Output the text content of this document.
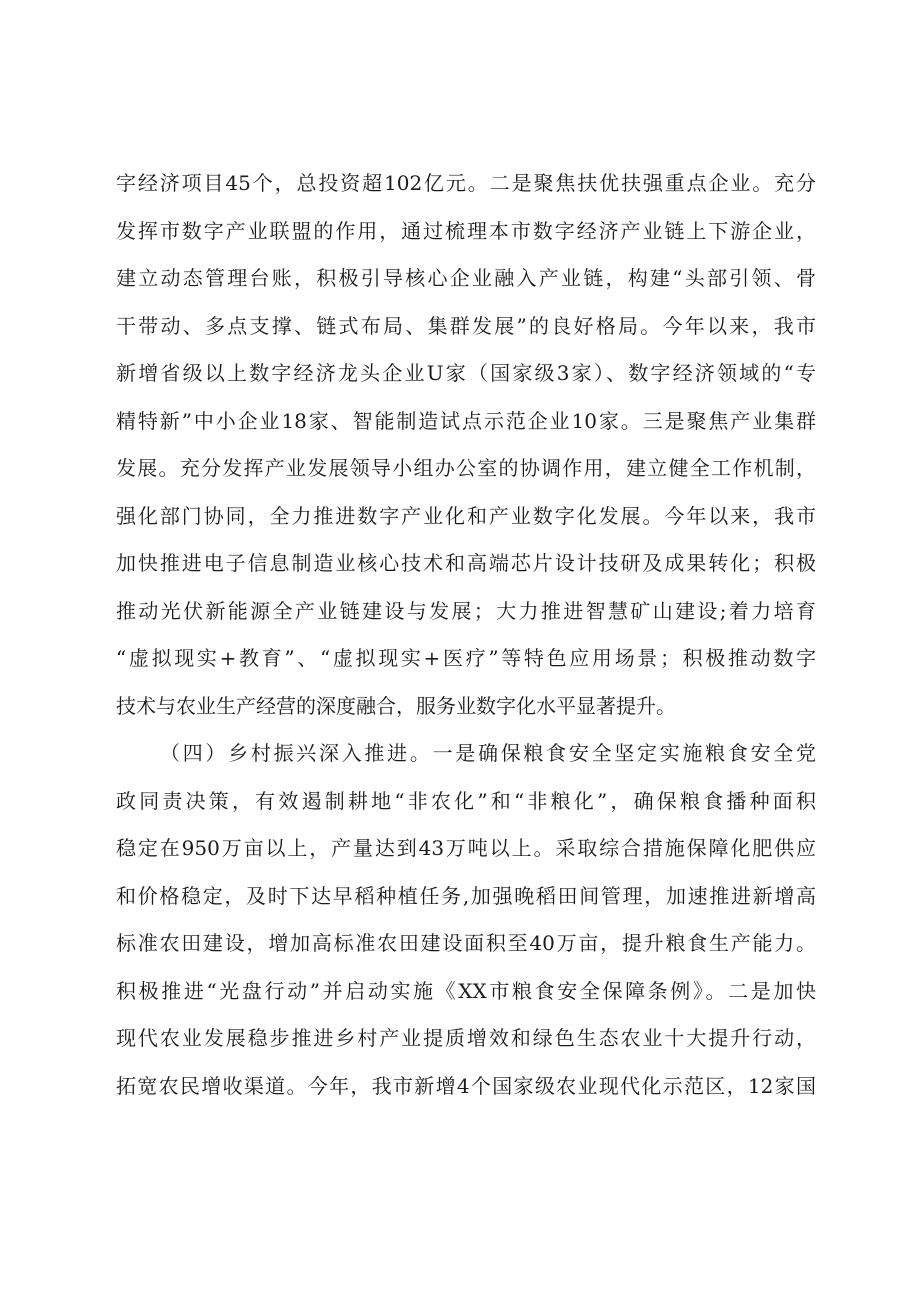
字经济项目45个，总投资超102亿元。二是聚焦扶优扶强重点企业。充分
发挥市数字产业联盟的作用，通过梳理本市数字经济产业链上下游企业，
建立动态管理台账，积极引导核心企业融入产业链，构建“头部引领、骨
干带动、多点支撑、链式布局、集群发展”的良好格局。今年以来，我市
新增省级以上数字经济龙头企业U家（国家级3家）、数字经济领域的“专
精特新”中小企业18家、智能制造试点示范企业10家。三是聚焦产业集群
发展。充分发挥产业发展领导小组办公室的协调作用，建立健全工作机制，
强化部门协同，全力推进数字产业化和产业数字化发展。今年以来，我市
加快推进电子信息制造业核心技术和高端芯片设计技研及成果转化；积极
推动光伏新能源全产业链建设与发展；大力推进智慧矿山建设;着力培育
“虚拟现实+教育”、“虚拟现实+医疗”等特色应用场景；积极推动数字
技术与农业生产经营的深度融合，服务业数字化水平显著提升。
（四）乡村振兴深入推进。一是确保粮食安全坚定实施粮食安全党
政同责决策，有效遏制耕地“非农化”和“非粮化”，确保粮食播种面积
稳定在950万亩以上，产量达到43万吨以上。采取综合措施保障化肥供应
和价格稳定，及时下达早稻种植任务,加强晚稻田间管理，加速推进新增高
标准农田建设，增加高标准农田建设面积至40万亩，提升粮食生产能力。
积极推进“光盘行动”并启动实施《XX市粮食安全保障条例》。二是加快
现代农业发展稳步推进乡村产业提质增效和绿色生态农业十大提升行动，
拓宽农民增收渠道。今年，我市新增4个国家级农业现代化示范区，12家国
